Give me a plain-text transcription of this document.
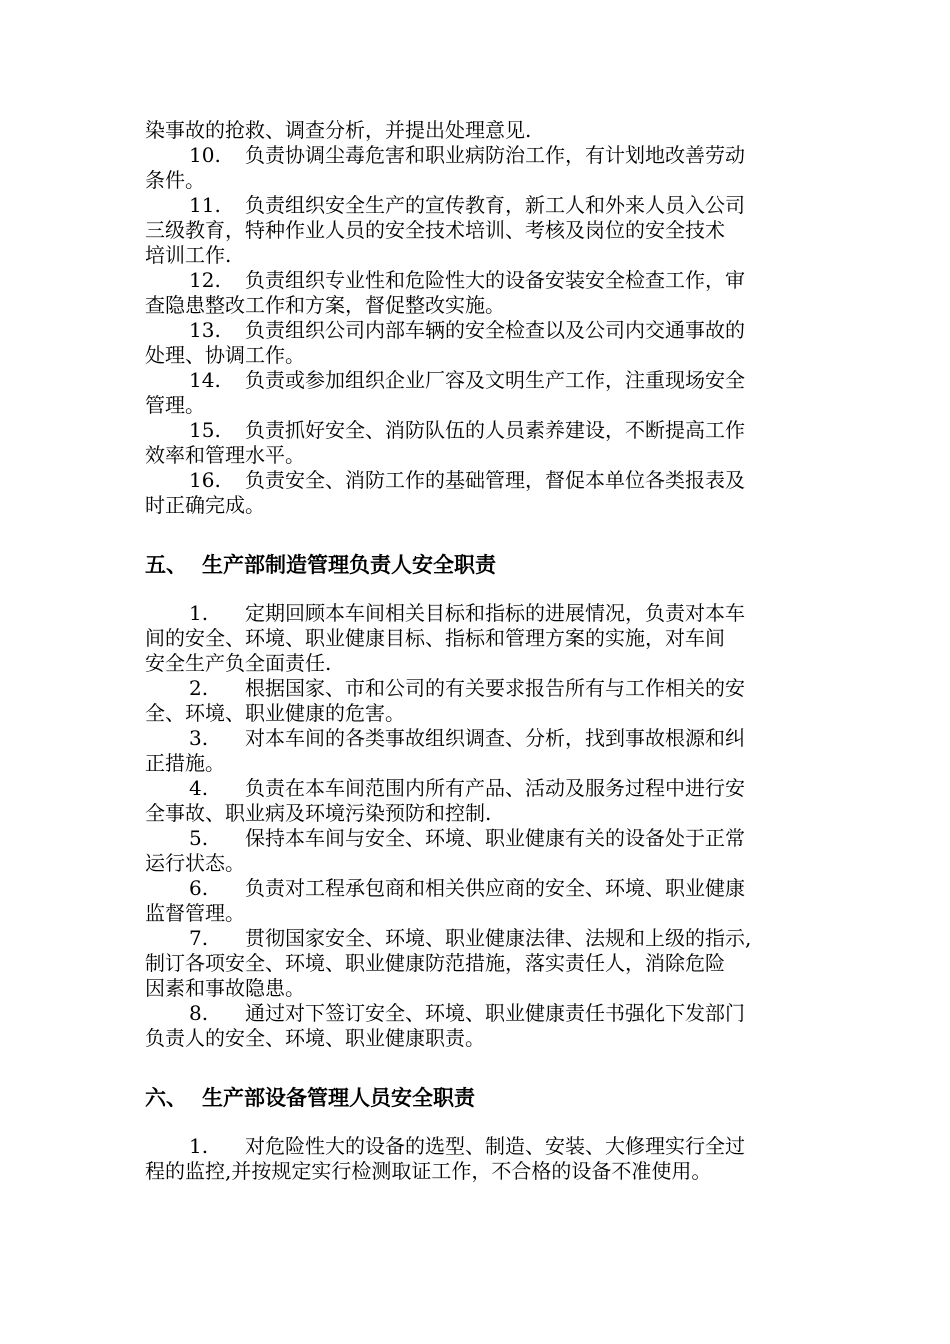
染事故的抢救、调查分析，并提出处理意见.
10. 负责协调尘毒危害和职业病防治工作，有计划地改善劳动
条件。
11. 负责组织安全生产的宣传教育，新工人和外来人员入公司
三级教育，特种作业人员的安全技术培训、考核及岗位的安全技术
培训工作.
12. 负责组织专业性和危险性大的设备安装安全检查工作，审
查隐患整改工作和方案，督促整改实施。
13. 负责组织公司内部车辆的安全检查以及公司内交通事故的
处理、协调工作。
14. 负责或参加组织企业厂容及文明生产工作，注重现场安全
管理。
15. 负责抓好安全、消防队伍的人员素养建设，不断提高工作
效率和管理水平。
16. 负责安全、消防工作的基础管理，督促本单位各类报表及
时正确完成。
五、 生产部制造管理负责人安全职责
1. 定期回顾本车间相关目标和指标的进展情况，负责对本车
间的安全、环境、职业健康目标、指标和管理方案的实施，对车间
安全生产负全面责任.
2. 根据国家、市和公司的有关要求报告所有与工作相关的安
全、环境、职业健康的危害。
3. 对本车间的各类事故组织调查、分析，找到事故根源和纠
正措施。
4. 负责在本车间范围内所有产品、活动及服务过程中进行安
全事故、职业病及环境污染预防和控制.
5. 保持本车间与安全、环境、职业健康有关的设备处于正常
运行状态。
6. 负责对工程承包商和相关供应商的安全、环境、职业健康
监督管理。
7. 贯彻国家安全、环境、职业健康法律、法规和上级的指示,
制订各项安全、环境、职业健康防范措施，落实责任人，消除危险
因素和事故隐患。
8. 通过对下签订安全、环境、职业健康责任书强化下发部门
负责人的安全、环境、职业健康职责。
六、 生产部设备管理人员安全职责
1. 对危险性大的设备的选型、制造、安装、大修理实行全过
程的监控,并按规定实行检测取证工作，不合格的设备不准使用。
